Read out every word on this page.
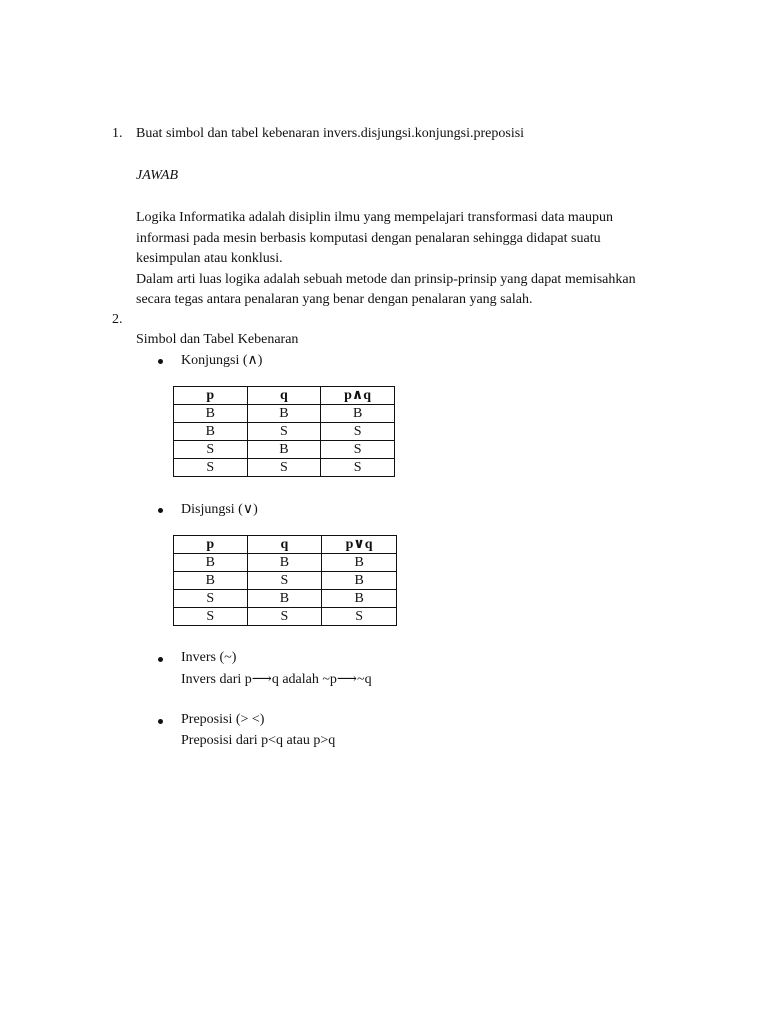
1. Buat simbol dan tabel kebenaran invers.disjungsi.konjungsi.preposisi
JAWAB
Logika Informatika adalah disiplin ilmu yang mempelajari transformasi data maupun
informasi pada mesin berbasis komputasi dengan penalaran sehingga didapat suatu
kesimpulan atau konklusi.
Dalam arti luas logika adalah sebuah metode dan prinsip-prinsip yang dapat memisahkan
secara tegas antara penalaran yang benar dengan penalaran yang salah.
2.
Simbol dan Tabel Kebenaran
Konjungsi (∧)
p	q	p∧q
B	B	B
B	S	S
S	B	S
S	S	S
Disjungsi (∨)
p	q	p∨q
B	B	B
B	S	B
S	B	B
S	S	S
Invers (~)
Invers dari p⟶q adalah ~p⟶~q
Preposisi (> <)
Preposisi dari p<q atau p>q
